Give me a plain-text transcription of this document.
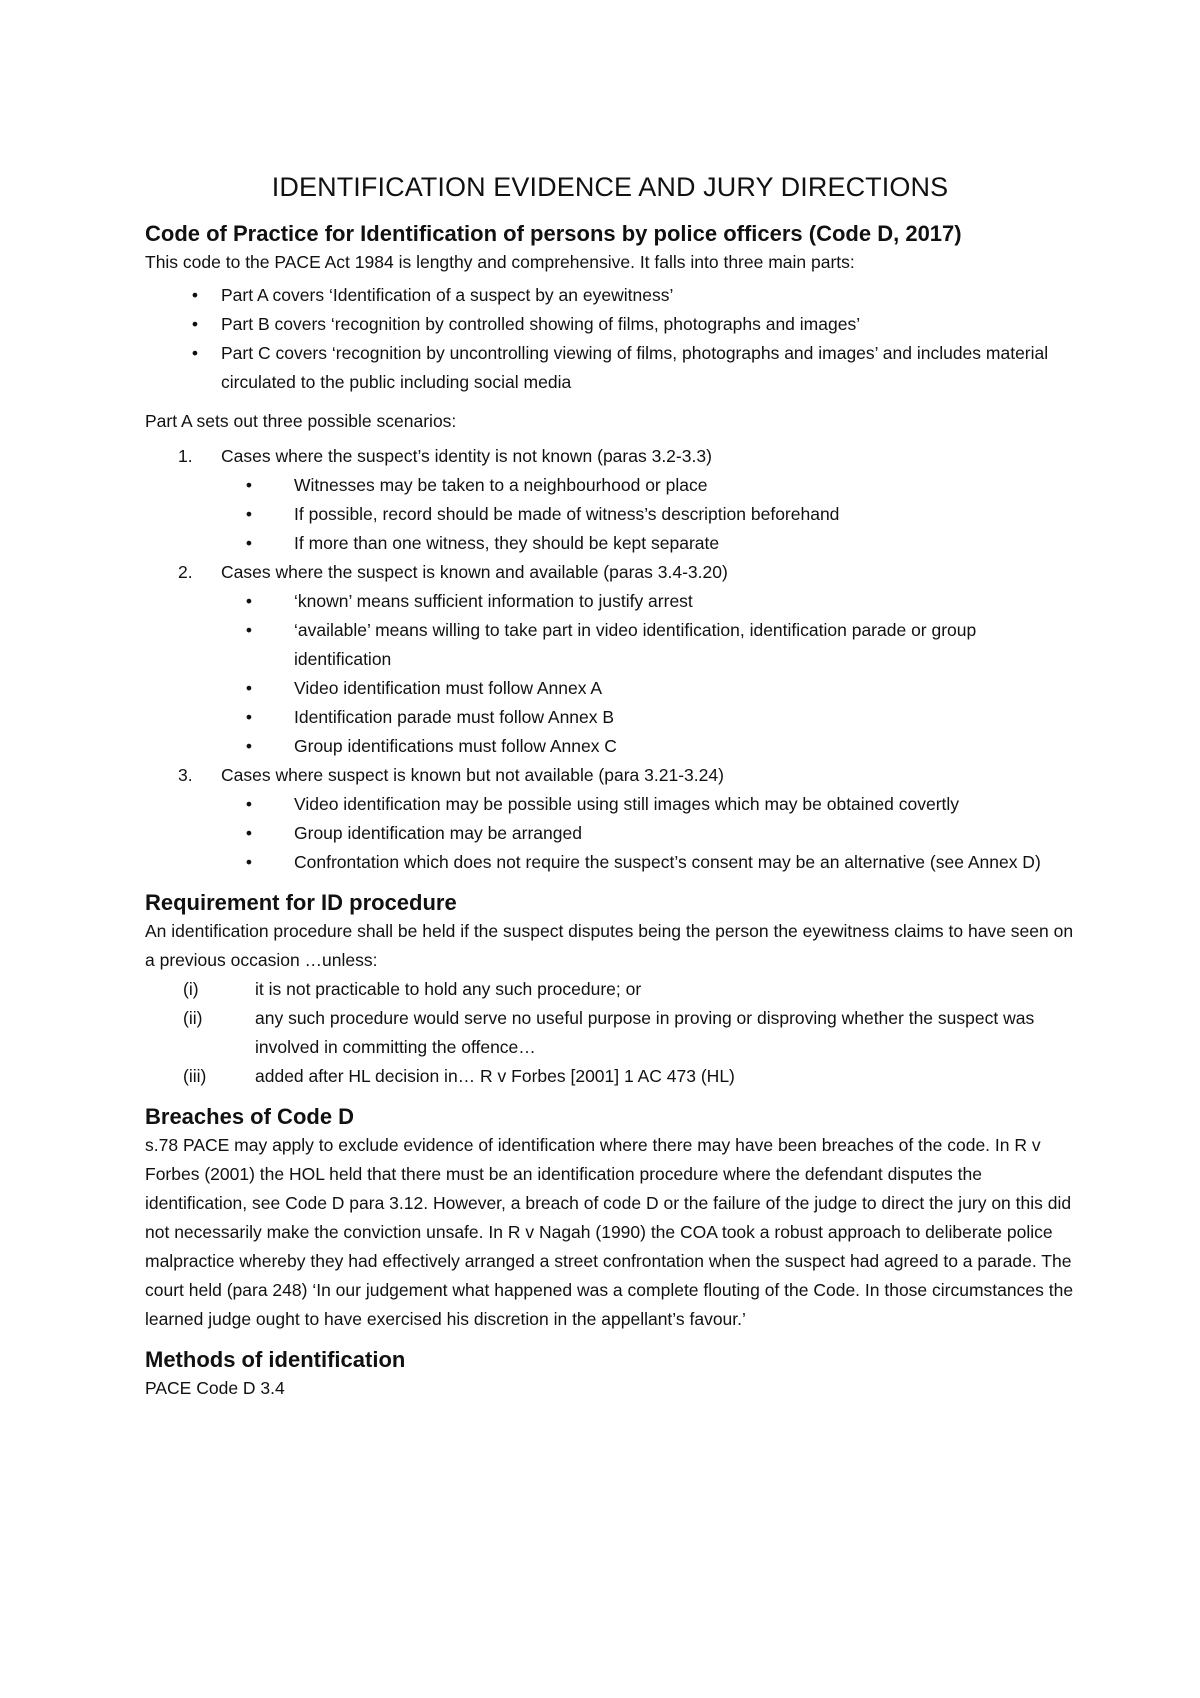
IDENTIFICATION EVIDENCE AND JURY DIRECTIONS
Code of Practice for Identification of persons by police officers (Code D, 2017)

This code to the PACE Act 1984 is lengthy and comprehensive. It falls into three main parts:

•	Part A covers ‘Identification of a suspect by an eyewitness’
•	Part B covers ‘recognition by controlled showing of films, photographs and images’
•	Part C covers ‘recognition by uncontrolling viewing of films, photographs and images’ and includes material circulated to the public including social media

Part A sets out three possible scenarios:

1. Cases where the suspect’s identity is not known (paras 3.2-3.3)
•	Witnesses may be taken to a neighbourhood or place
•	If possible, record should be made of witness’s description beforehand
•	If more than one witness, they should be kept separate
2. Cases where the suspect is known and available (paras 3.4-3.20)
•	‘known’ means sufficient information to justify arrest
•	‘available’ means willing to take part in video identification, identification parade or group identification
•	Video identification must follow Annex A
•	Identification parade must follow Annex B
•	Group identifications must follow Annex C
3. Cases where suspect is known but not available (para 3.21-3.24)
•	Video identification may be possible using still images which may be obtained covertly
•	Group identification may be arranged
•	Confrontation which does not require the suspect’s consent may be an alternative (see Annex D)
Requirement for ID procedure

An identification procedure shall be held if the suspect disputes being the person the eyewitness claims to have seen on a previous occasion …unless:

(i)	it is not practicable to hold any such procedure; or
(ii)	any such procedure would serve no useful purpose in proving or disproving whether the suspect was involved in committing the offence…
(iii)	added after HL decision in… R v Forbes [2001] 1 AC 473 (HL)
Breaches of Code D

s.78 PACE may apply to exclude evidence of identification where there may have been breaches of the code. In R v Forbes (2001) the HOL held that there must be an identification procedure where the defendant disputes the identification, see Code D para 3.12. However, a breach of code D or the failure of the judge to direct the jury on this did not necessarily make the conviction unsafe. In R v Nagah (1990) the COA took a robust approach to deliberate police malpractice whereby they had effectively arranged a street confrontation when the suspect had agreed to a parade. The court held (para 248) ‘In our judgement what happened was a complete flouting of the Code. In those circumstances the learned judge ought to have exercised his discretion in the appellant’s favour.’

Methods of identification

PACE Code D 3.4
